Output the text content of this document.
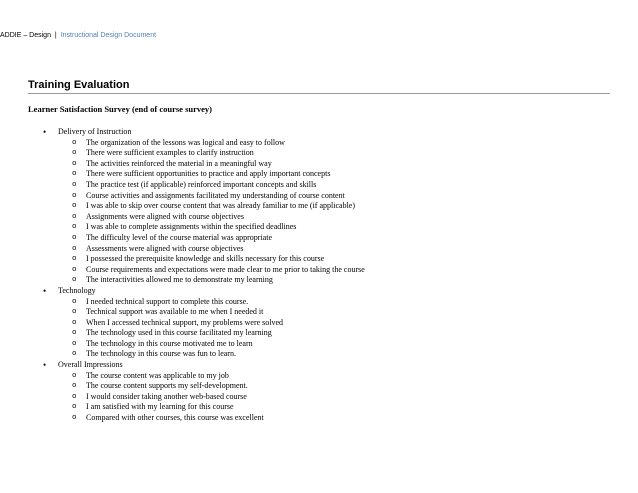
ADDIE – Design | Instructional Design Document
Training Evaluation
Learner Satisfaction Survey (end of course survey)
• Delivery of Instruction
o The organization of the lessons was logical and easy to follow
o There were sufficient examples to clarify instruction
o The activities reinforced the material in a meaningful way
o There were sufficient opportunities to practice and apply important concepts
o The practice test (if applicable) reinforced important concepts and skills
o Course activities and assignments facilitated my understanding of course content
o I was able to skip over course content that was already familiar to me (if applicable)
o Assignments were aligned with course objectives
o I was able to complete assignments within the specified deadlines
o The difficulty level of the course material was appropriate
o Assessments were aligned with course objectives
o I possessed the prerequisite knowledge and skills necessary for this course
o Course requirements and expectations were made clear to me prior to taking the course
o The interactivities allowed me to demonstrate my learning
• Technology
o I needed technical support to complete this course.
o Technical support was available to me when I needed it
o When I accessed technical support, my problems were solved
o The technology used in this course facilitated my learning
o The technology in this course motivated me to learn
o The technology in this course was fun to learn.
• Overall Impressions
o The course content was applicable to my job
o The course content supports my self-development.
o I would consider taking another web-based course
o I am satisfied with my learning for this course
o Compared with other courses, this course was excellent
